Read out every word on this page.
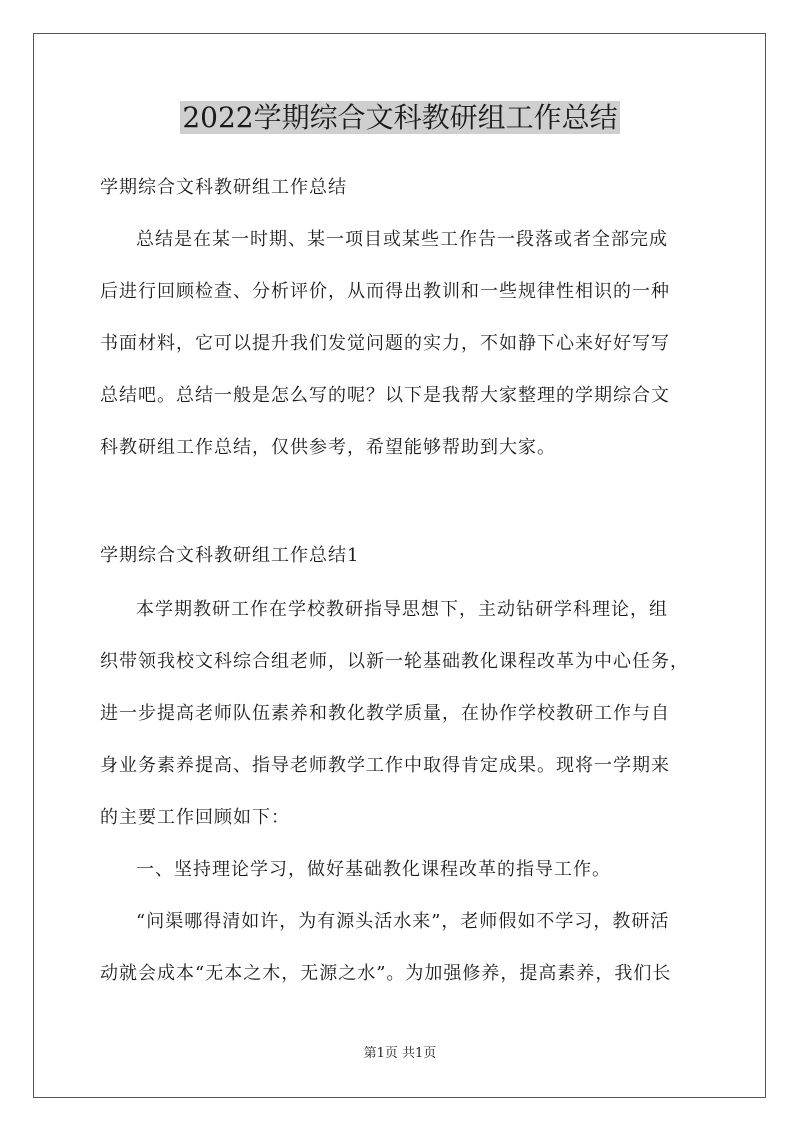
2022学期综合文科教研组工作总结
学期综合文科教研组工作总结
总结是在某一时期、某一项目或某些工作告一段落或者全部完成
后进行回顾检查、分析评价，从而得出教训和一些规律性相识的一种
书面材料，它可以提升我们发觉问题的实力，不如静下心来好好写写
总结吧。总结一般是怎么写的呢？以下是我帮大家整理的学期综合文
科教研组工作总结，仅供参考，希望能够帮助到大家。
学期综合文科教研组工作总结1
本学期教研工作在学校教研指导思想下，主动钻研学科理论，组
织带领我校文科综合组老师，以新一轮基础教化课程改革为中心任务，
进一步提高老师队伍素养和教化教学质量，在协作学校教研工作与自
身业务素养提高、指导老师教学工作中取得肯定成果。现将一学期来
的主要工作回顾如下：
一、坚持理论学习，做好基础教化课程改革的指导工作。
“问渠哪得清如许，为有源头活水来”，老师假如不学习，教研活
动就会成本“无本之木，无源之水”。为加强修养，提高素养，我们长
第1页 共1页
